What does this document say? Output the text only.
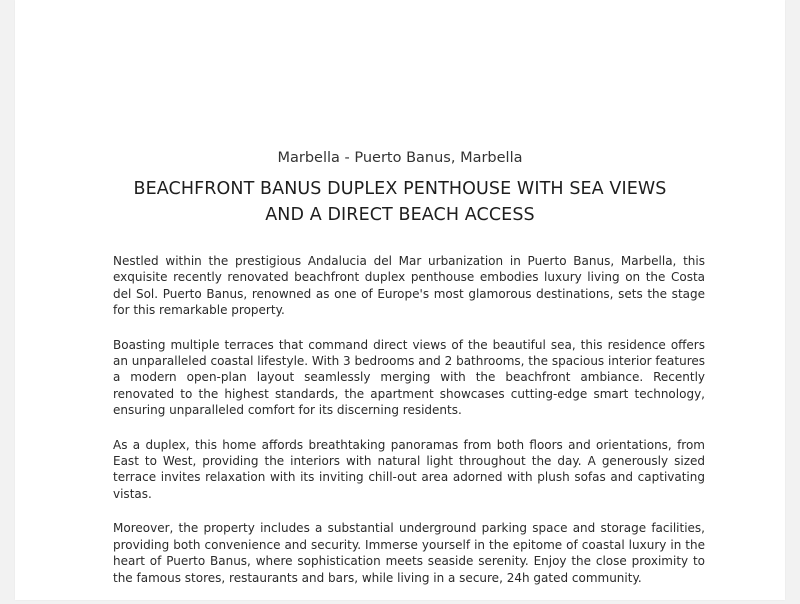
Marbella - Puerto Banus, Marbella

BEACHFRONT BANUS DUPLEX PENTHOUSE WITH SEA VIEWS
AND A DIRECT BEACH ACCESS

Nestled within the prestigious Andalucia del Mar urbanization in Puerto Banus, Marbella, this exquisite recently renovated beachfront duplex penthouse embodies luxury living on the Costa del Sol. Puerto Banus, renowned as one of Europe's most glamorous destinations, sets the stage for this remarkable property.

Boasting multiple terraces that command direct views of the beautiful sea, this residence offers an unparalleled coastal lifestyle. With 3 bedrooms and 2 bathrooms, the spacious interior features a modern open-plan layout seamlessly merging with the beachfront ambiance. Recently renovated to the highest standards, the apartment showcases cutting-edge smart technology, ensuring unparalleled comfort for its discerning residents.

As a duplex, this home affords breathtaking panoramas from both floors and orientations, from East to West, providing the interiors with natural light throughout the day. A generously sized terrace invites relaxation with its inviting chill-out area adorned with plush sofas and captivating vistas.

Moreover, the property includes a substantial underground parking space and storage facilities, providing both convenience and security. Immerse yourself in the epitome of coastal luxury in the heart of Puerto Banus, where sophistication meets seaside serenity. Enjoy the close proximity to the famous stores, restaurants and bars, while living in a secure, 24h gated community.
